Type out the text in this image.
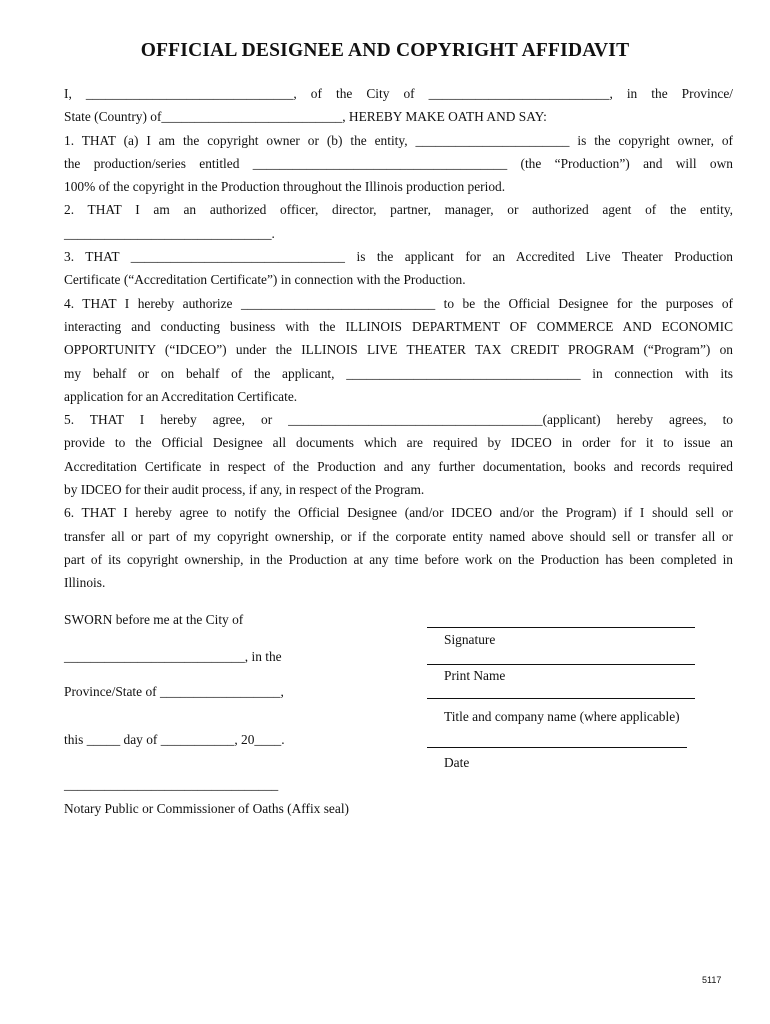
OFFICIAL DESIGNEE AND COPYRIGHT AFFIDAVIT

I, _______________________________, of the City of ___________________________, in the Province/

State (Country) of___________________________, HEREBY MAKE OATH AND SAY:

1. THAT (a) I am the copyright owner or (b) the entity, _______________________ is the copyright owner, of

the production/series entitled ______________________________________ (the “Production”) and will own

100% of the copyright in the Production throughout the Illinois production period.

2. THAT I am an authorized officer, director, partner, manager, or authorized agent of the entity,

_______________________________.

3. THAT ________________________________ is the applicant for an Accredited Live Theater Production

Certificate (“Accreditation Certificate”) in connection with the Production.

4. THAT I hereby authorize _____________________________ to be the Official Designee for the purposes of

interacting and conducting business with the ILLINOIS DEPARTMENT OF COMMERCE AND ECONOMIC

OPPORTUNITY (“IDCEO”) under the ILLINOIS LIVE THEATER TAX CREDIT PROGRAM (“Program”) on

my behalf or on behalf of the applicant, ___________________________________ in connection with its

application for an Accreditation Certificate.

5. THAT I hereby agree, or ______________________________________(applicant) hereby agrees, to

provide to the Official Designee all documents which are required by IDCEO in order for it to issue an

Accreditation Certificate in respect of the Production and any further documentation, books and records required

by IDCEO for their audit process, if any, in respect of the Program.

6. THAT I hereby agree to notify the Official Designee (and/or IDCEO and/or the Program) if I should sell or

transfer all or part of my copyright ownership, or if the corporate entity named above should sell or transfer all or

part of its copyright ownership, in the Production at any time before work on the Production has been completed in

Illinois.

SWORN before me at the City of
___________________________, in the
Province/State of __________________,
this _____ day of ___________, 20____.
________________________________
Notary Public or Commissioner of Oaths (Affix seal)
Signature
Print Name
Title and company name (where applicable)
Date
5117
